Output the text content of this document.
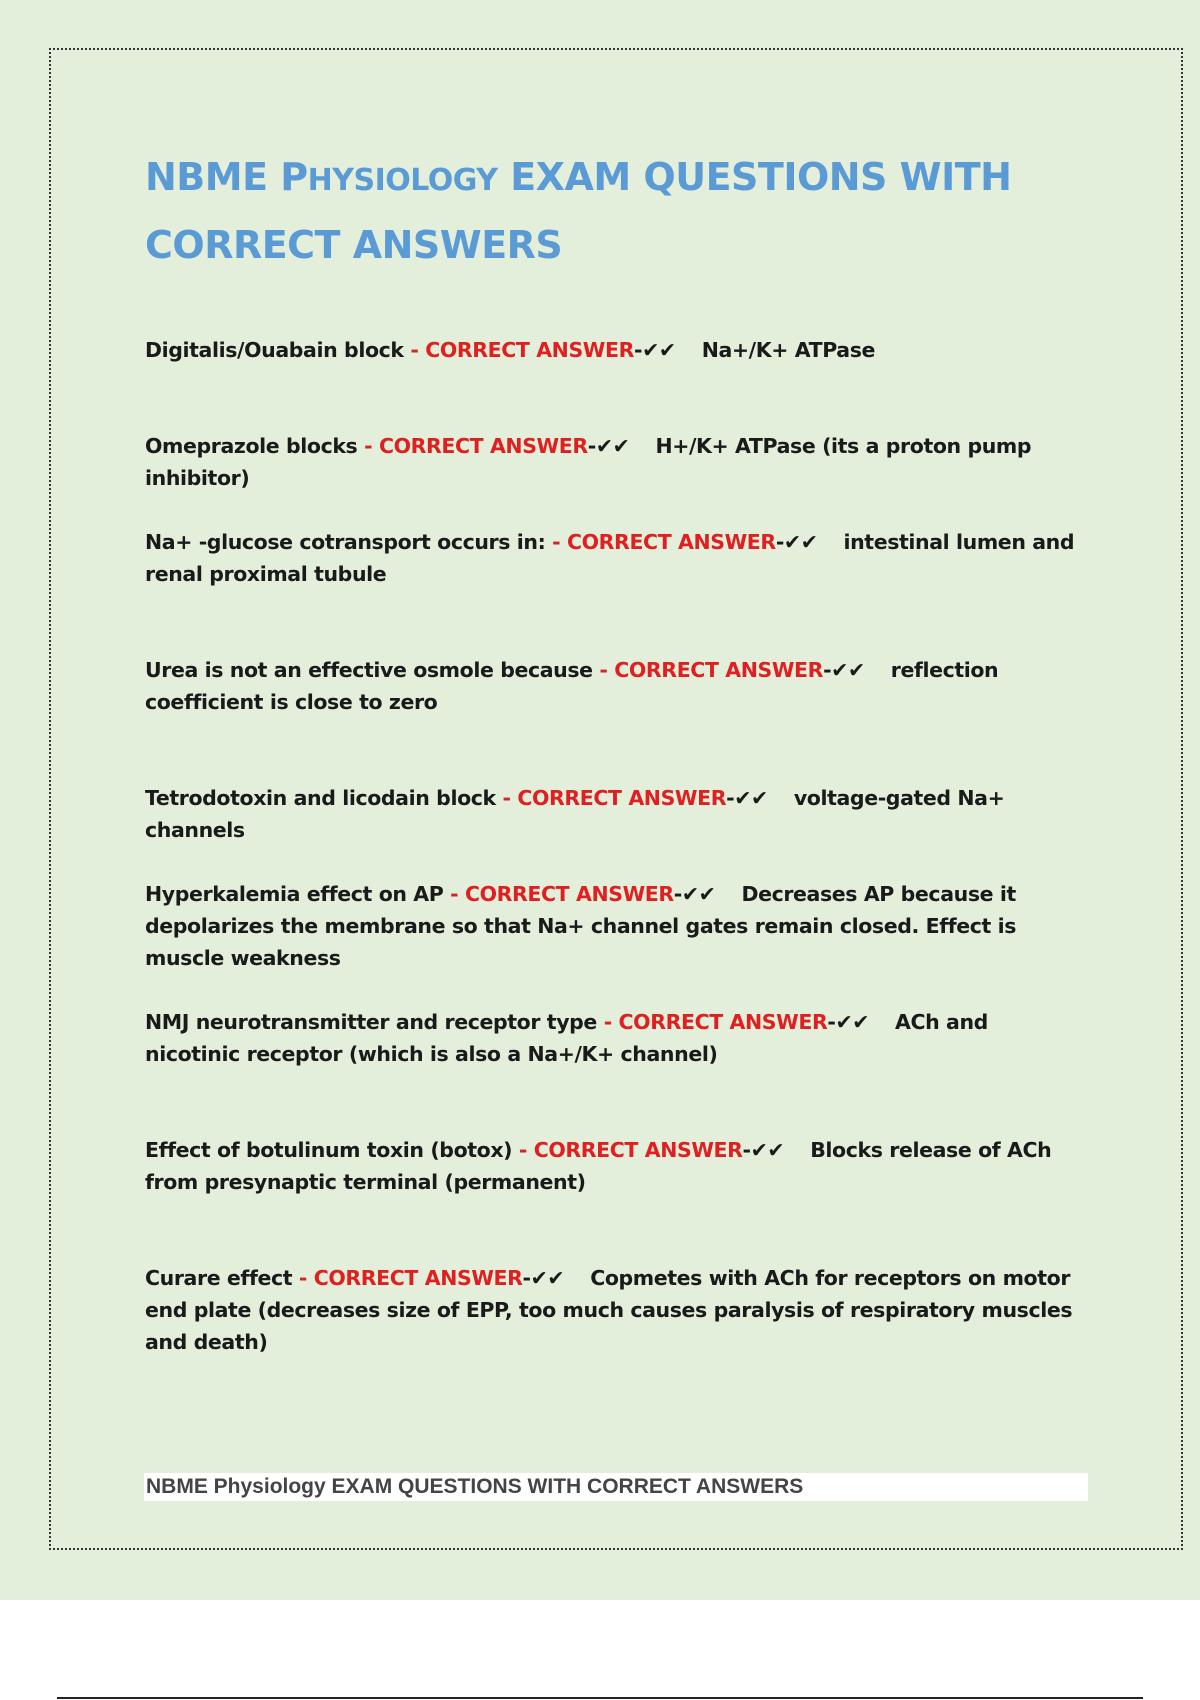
NBME PHYSIOLOGY EXAM QUESTIONS WITH CORRECT ANSWERS
Digitalis/Ouabain block - CORRECT ANSWER-✔✔ Na+/K+ ATPase
Omeprazole blocks - CORRECT ANSWER-✔✔ H+/K+ ATPase (its a proton pump inhibitor)
Na+ -glucose cotransport occurs in: - CORRECT ANSWER-✔✔ intestinal lumen and renal proximal tubule
Urea is not an effective osmole because - CORRECT ANSWER-✔✔ reflection coefficient is close to zero
Tetrodotoxin and licodain block - CORRECT ANSWER-✔✔ voltage-gated Na+ channels
Hyperkalemia effect on AP - CORRECT ANSWER-✔✔ Decreases AP because it depolarizes the membrane so that Na+ channel gates remain closed. Effect is muscle weakness
NMJ neurotransmitter and receptor type - CORRECT ANSWER-✔✔ ACh and nicotinic receptor (which is also a Na+/K+ channel)
Effect of botulinum toxin (botox) - CORRECT ANSWER-✔✔ Blocks release of ACh from presynaptic terminal (permanent)
Curare effect - CORRECT ANSWER-✔✔ Copmetes with ACh for receptors on motor end plate (decreases size of EPP, too much causes paralysis of respiratory muscles and death)
NBME Physiology EXAM QUESTIONS WITH CORRECT ANSWERS
